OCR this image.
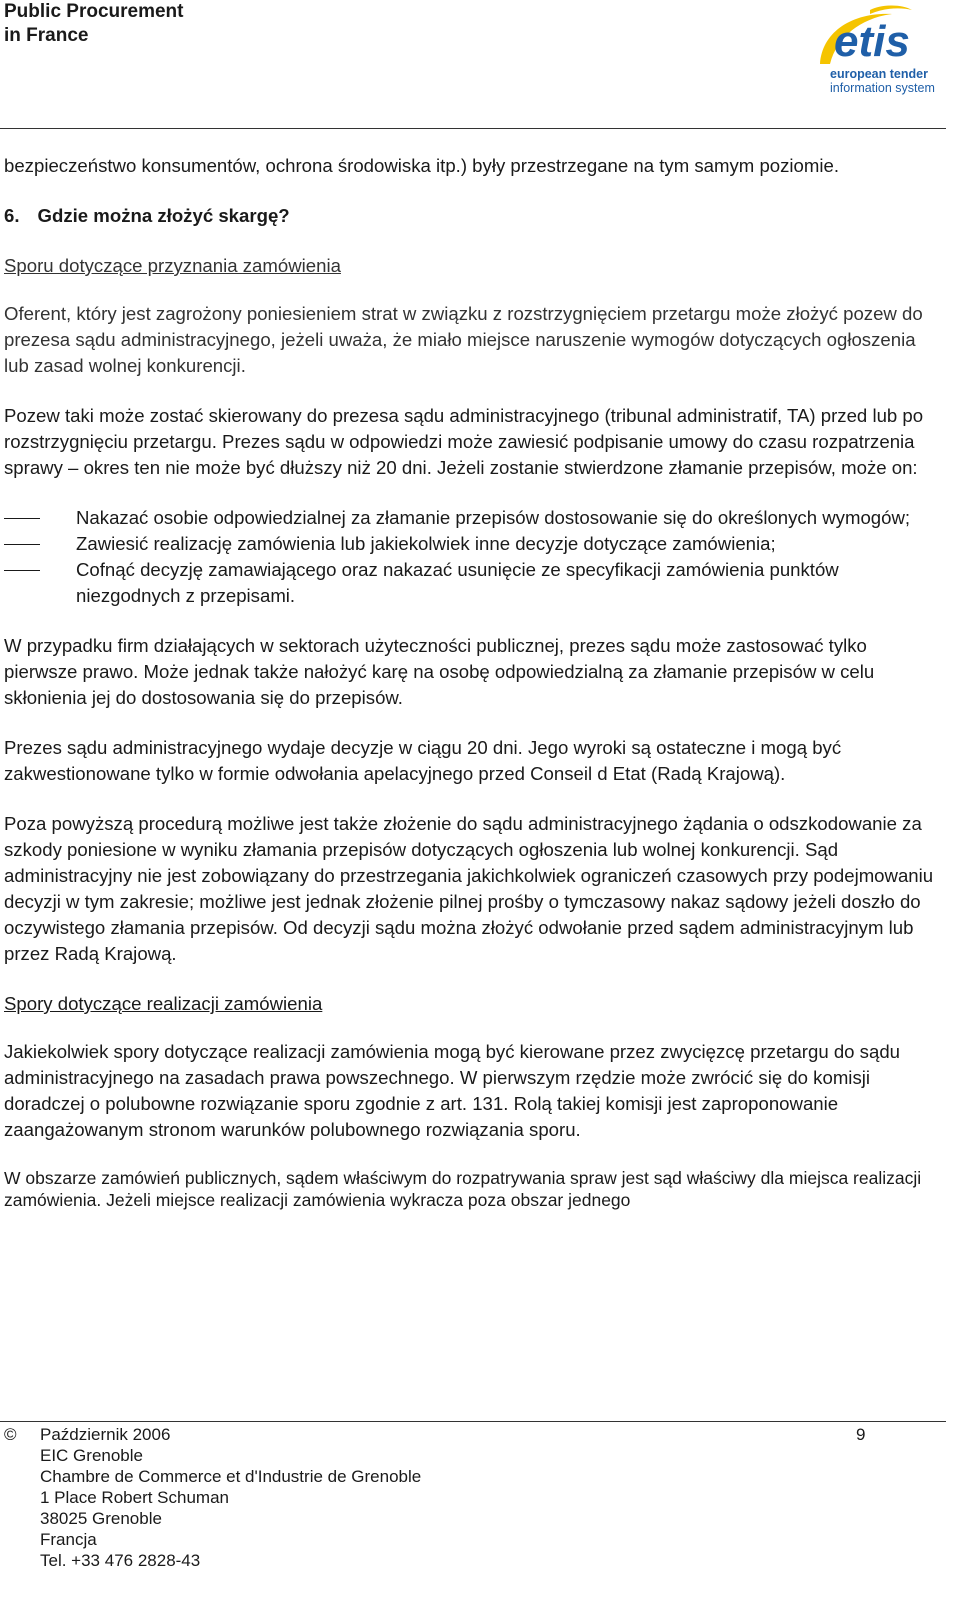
Public Procurement
in France	etis
european tender
information system

bezpieczeństwo konsumentów, ochrona środowiska itp.) były przestrzegane na tym samym poziomie.

6. Gdzie można złożyć skargę?
Sporu dotyczące przyznania zamówienia

Oferent, który jest zagrożony poniesieniem strat w związku z rozstrzygnięciem przetargu może złożyć pozew do prezesa sądu administracyjnego, jeżeli uważa, że miało miejsce naruszenie wymogów dotyczących ogłoszenia lub zasad wolnej konkurencji.

Pozew taki może zostać skierowany do prezesa sądu administracyjnego (tribunal administratif, TA) przed lub po rozstrzygnięciu przetargu. Prezes sądu w odpowiedzi może zawiesić podpisanie umowy do czasu rozpatrzenia sprawy – okres ten nie może być dłuższy niż 20 dni. Jeżeli zostanie stwierdzone złamanie przepisów, może on:

Nakazać osobie odpowiedzialnej za złamanie przepisów dostosowanie się do określonych wymogów;
Zawiesić realizację zamówienia lub jakiekolwiek inne decyzje dotyczące zamówienia;
Cofnąć decyzję zamawiającego oraz nakazać usunięcie ze specyfikacji zamówienia punktów niezgodnych z przepisami.

W przypadku firm działających w sektorach użyteczności publicznej, prezes sądu może zastosować tylko pierwsze prawo. Może jednak także nałożyć karę na osobę odpowiedzialną za złamanie przepisów w celu skłonienia jej do dostosowania się do przepisów.

Prezes sądu administracyjnego wydaje decyzje w ciągu 20 dni. Jego wyroki są ostateczne i mogą być zakwestionowane tylko w formie odwołania apelacyjnego przed Conseil d Etat (Radą Krajową).

Poza powyższą procedurą możliwe jest także złożenie do sądu administracyjnego żądania o odszkodowanie za szkody poniesione w wyniku złamania przepisów dotyczących ogłoszenia lub wolnej konkurencji. Sąd administracyjny nie jest zobowiązany do przestrzegania jakichkolwiek ograniczeń czasowych przy podejmowaniu decyzji w tym zakresie; możliwe jest jednak złożenie pilnej prośby o tymczasowy nakaz sądowy jeżeli doszło do oczywistego złamania przepisów. Od decyzji sądu można złożyć odwołanie przed sądem administracyjnym lub przez Radą Krajową.

Spory dotyczące realizacji zamówienia

Jakiekolwiek spory dotyczące realizacji zamówienia mogą być kierowane przez zwycięzcę przetargu do sądu administracyjnego na zasadach prawa powszechnego. W pierwszym rzędzie może zwrócić się do komisji doradczej o polubowne rozwiązanie sporu zgodnie z art. 131. Rolą takiej komisji jest zaproponowanie zaangażowanym stronom warunków polubownego rozwiązania sporu.

W obszarze zamówień publicznych, sądem właściwym do rozpatrywania spraw jest sąd właściwy dla miejsca realizacji zamówienia. Jeżeli miejsce realizacji zamówienia wykracza poza obszar jednego

© Październik 2006
EIC Grenoble
Chambre de Commerce et d'Industrie de Grenoble
1 Place Robert Schuman
38025 Grenoble
Francja
Tel. +33 476 2828-43
9
